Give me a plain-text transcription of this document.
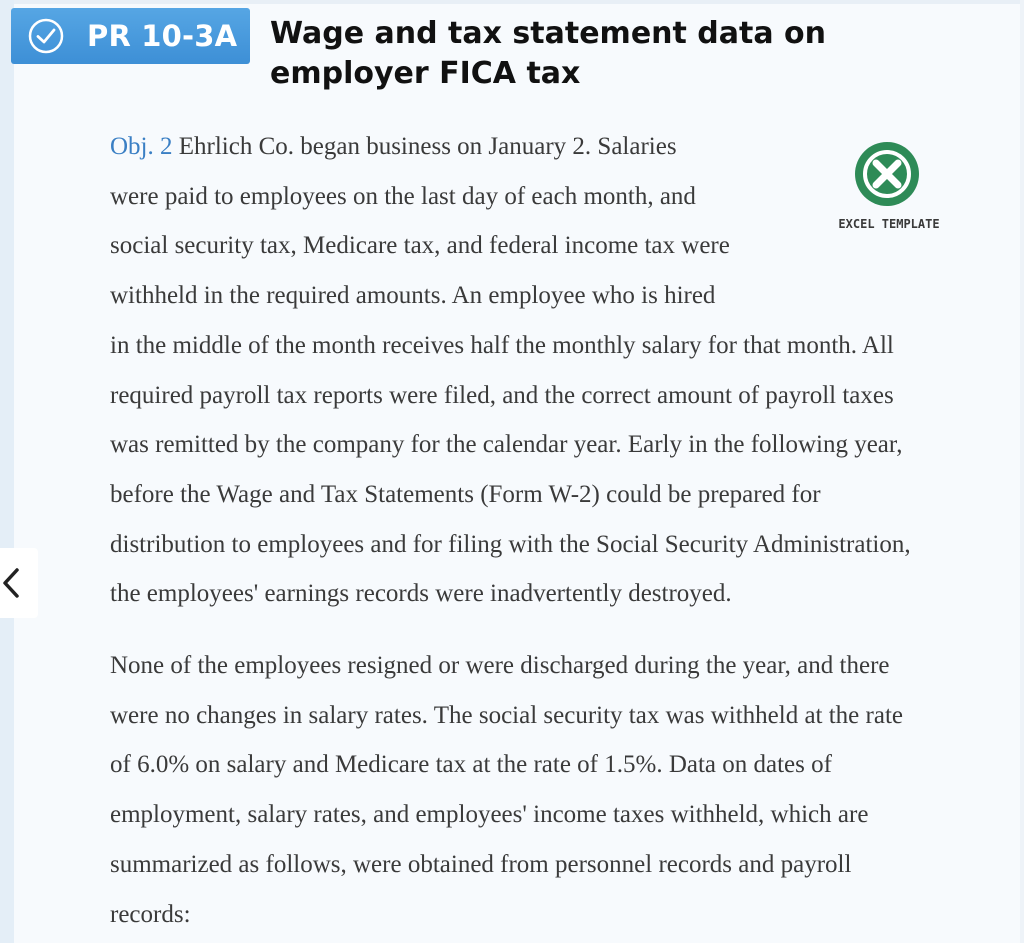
PR 10-3A Wage and tax statement data on employer FICA tax
EXCEL TEMPLATE

Obj. 2 Ehrlich Co. began business on January 2. Salaries
were paid to employees on the last day of each month, and
social security tax, Medicare tax, and federal income tax were
withheld in the required amounts. An employee who is hired
in the middle of the month receives half the monthly salary for that month. All
required payroll tax reports were filed, and the correct amount of payroll taxes
was remitted by the company for the calendar year. Early in the following year,
before the Wage and Tax Statements (Form W-2) could be prepared for
distribution to employees and for filing with the Social Security Administration,
the employees' earnings records were inadvertently destroyed.

None of the employees resigned or were discharged during the year, and there
were no changes in salary rates. The social security tax was withheld at the rate
of 6.0% on salary and Medicare tax at the rate of 1.5%. Data on dates of
employment, salary rates, and employees' income taxes withheld, which are
summarized as follows, were obtained from personnel records and payroll
records:
